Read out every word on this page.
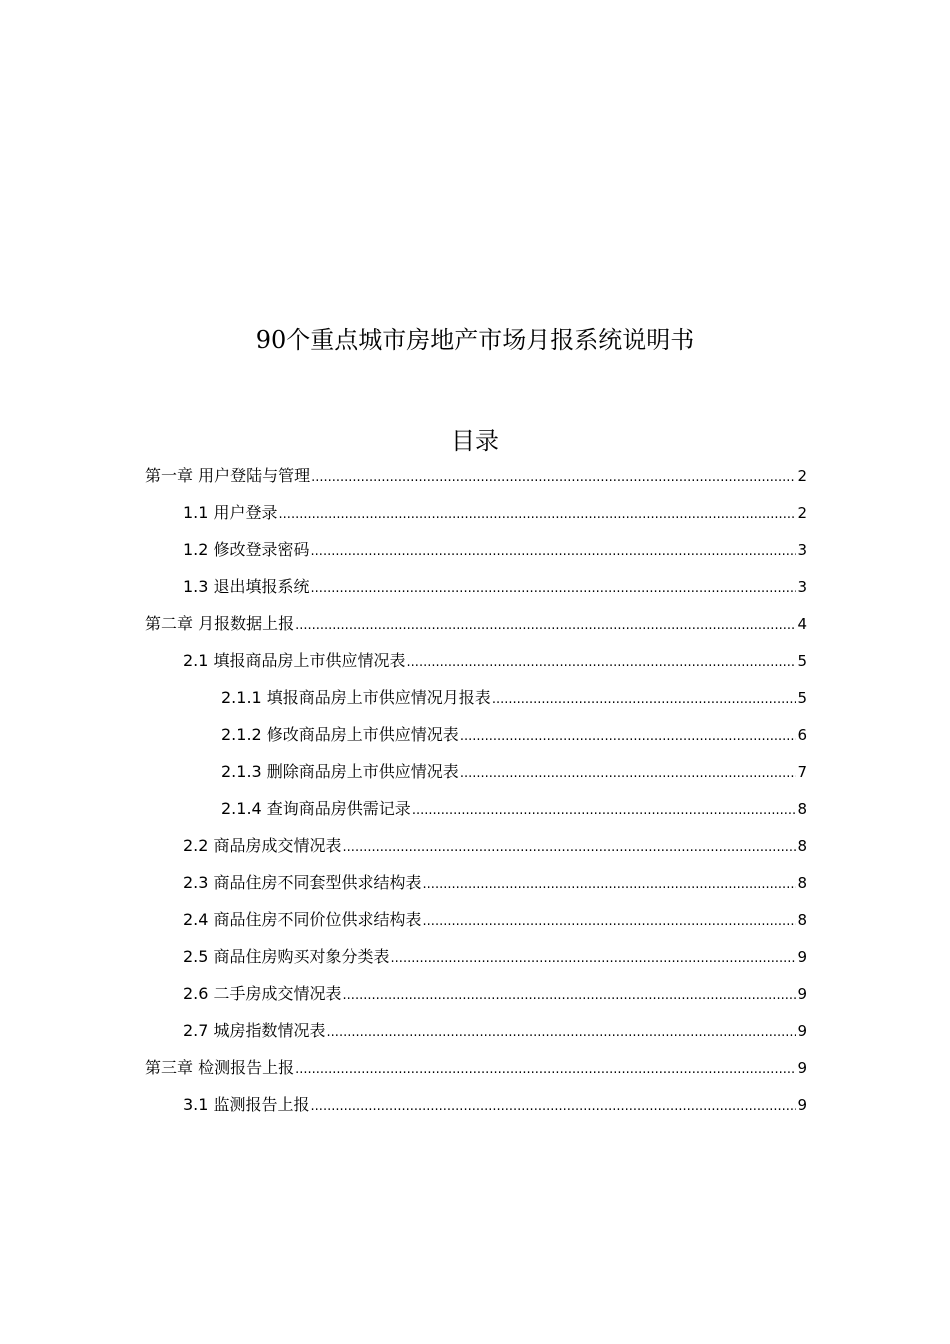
90个重点城市房地产市场月报系统说明书
目录
第一章 用户登陆与管理 .....	2
1.1 用户登录 .....	2
1.2 修改登录密码 .....	3
1.3 退出填报系统 .....	3
第二章 月报数据上报 .....	4
2.1 填报商品房上市供应情况表 .....	5
2.1.1 填报商品房上市供应情况月报表 .....	5
2.1.2 修改商品房上市供应情况表 .....	6
2.1.3 删除商品房上市供应情况表 .....	7
2.1.4 查询商品房供需记录 .....	8
2.2 商品房成交情况表 .....	8
2.3 商品住房不同套型供求结构表 .....	8
2.4 商品住房不同价位供求结构表 .....	8
2.5 商品住房购买对象分类表 .....	9
2.6 二手房成交情况表 .....	9
2.7 城房指数情况表 .....	9
第三章 检测报告上报 .....	9
3.1 监测报告上报 .....	9
